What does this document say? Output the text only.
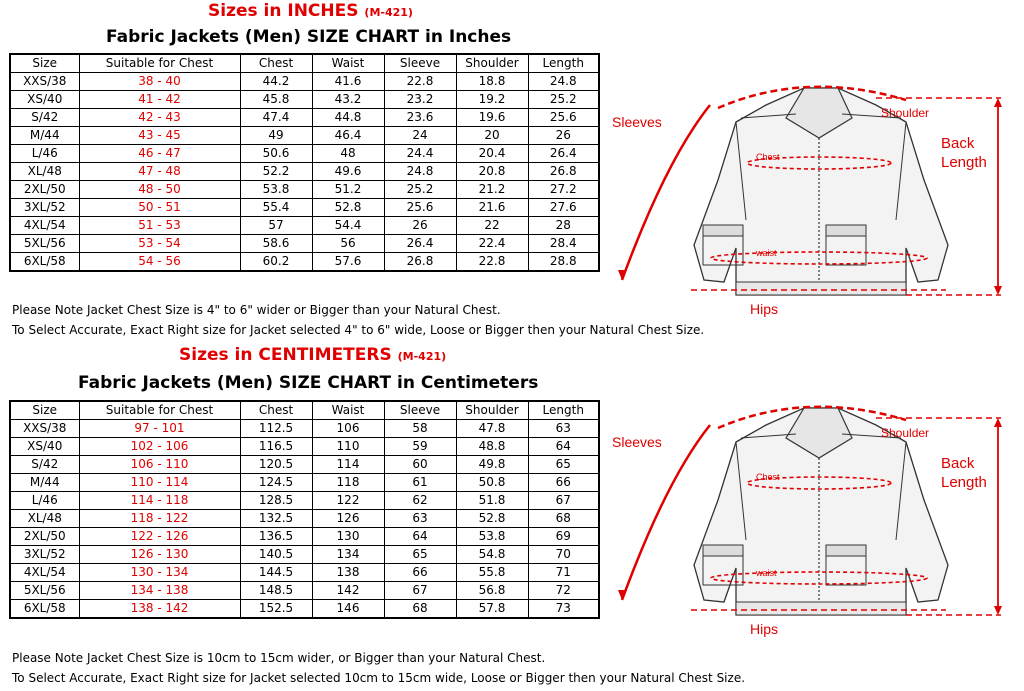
Sizes in INCHES (M-421)
Fabric Jackets (Men) SIZE CHART in Inches
Size	Suitable for Chest	Chest	Waist	Sleeve	Shoulder	Length
XXS/38	38 - 40	44.2	41.6	22.8	18.8	24.8
XS/40	41 - 42	45.8	43.2	23.2	19.2	25.2
S/42	42 - 43	47.4	44.8	23.6	19.6	25.6
M/44	43 - 45	49	46.4	24	20	26
L/46	46 - 47	50.6	48	24.4	20.4	26.4
XL/48	47 - 48	52.2	49.6	24.8	20.8	26.8
2XL/50	48 - 50	53.8	51.2	25.2	21.2	27.2
3XL/52	50 - 51	55.4	52.8	25.6	21.6	27.6
4XL/54	51 - 53	57	54.4	26	22	28
5XL/56	53 - 54	58.6	56	26.4	22.4	28.4
6XL/58	54 - 56	60.2	57.6	26.8	22.8	28.8
Please Note Jacket Chest Size is 4" to 6" wider or Bigger than your Natural Chest.
To Select Accurate, Exact Right size for Jacket selected 4" to 6" wide, Loose or Bigger then your Natural Chest Size.
Sizes in CENTIMETERS (M-421)
Fabric Jackets (Men) SIZE CHART in Centimeters
Size	Suitable for Chest	Chest	Waist	Sleeve	Shoulder	Length
XXS/38	97 - 101	112.5	106	58	47.8	63
XS/40	102 - 106	116.5	110	59	48.8	64
S/42	106 - 110	120.5	114	60	49.8	65
M/44	110 - 114	124.5	118	61	50.8	66
L/46	114 - 118	128.5	122	62	51.8	67
XL/48	118 - 122	132.5	126	63	52.8	68
2XL/50	122 - 126	136.5	130	64	53.8	69
3XL/52	126 - 130	140.5	134	65	54.8	70
4XL/54	130 - 134	144.5	138	66	55.8	71
5XL/56	134 - 138	148.5	142	67	56.8	72
6XL/58	138 - 142	152.5	146	68	57.8	73
Please Note Jacket Chest Size is 10cm to 15cm wider, or Bigger than your Natural Chest.
To Select Accurate, Exact Right size for Jacket selected 10cm to 15cm wide, Loose or Bigger then your Natural Chest Size.
Sleeves
Shoulder
Back
Length
Chest
waist
Hips
Sleeves
Shoulder
Back
Length
Chest
waist
Hips
